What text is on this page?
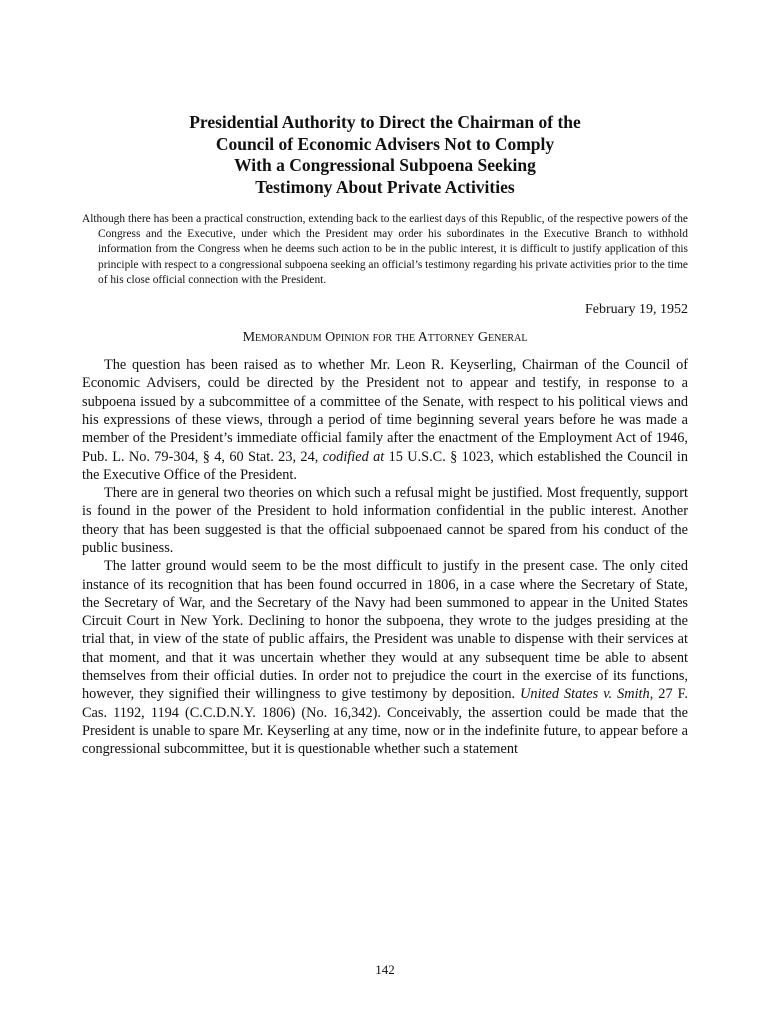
Presidential Authority to Direct the Chairman of the
Council of Economic Advisers Not to Comply
With a Congressional Subpoena Seeking
Testimony About Private Activities
Although there has been a practical construction, extending back to the earliest days of this Republic, of the respective powers of the Congress and the Executive, under which the President may order his subordinates in the Executive Branch to withhold information from the Congress when he deems such action to be in the public interest, it is difficult to justify application of this principle with respect to a congressional subpoena seeking an official’s testimony regarding his private activities prior to the time of his close official connection with the President.
February 19, 1952
Memorandum Opinion for the Attorney General

The question has been raised as to whether Mr. Leon R. Keyserling, Chairman of the Council of Economic Advisers, could be directed by the President not to appear and testify, in response to a subpoena issued by a subcommittee of a committee of the Senate, with respect to his political views and his expressions of these views, through a period of time beginning several years before he was made a member of the President’s immediate official family after the enactment of the Employment Act of 1946, Pub. L. No. 79-304, § 4, 60 Stat. 23, 24, codified at 15 U.S.C. § 1023, which established the Council in the Executive Office of the President.

There are in general two theories on which such a refusal might be justified. Most frequently, support is found in the power of the President to hold information confidential in the public interest. Another theory that has been suggested is that the official subpoenaed cannot be spared from his conduct of the public business.

The latter ground would seem to be the most difficult to justify in the present case. The only cited instance of its recognition that has been found occurred in 1806, in a case where the Secretary of State, the Secretary of War, and the Secretary of the Navy had been summoned to appear in the United States Circuit Court in New York. Declining to honor the subpoena, they wrote to the judges presiding at the trial that, in view of the state of public affairs, the President was unable to dispense with their services at that moment, and that it was uncertain whether they would at any subsequent time be able to absent themselves from their official duties. In order not to prejudice the court in the exercise of its functions, however, they signified their willingness to give testimony by deposition. United States v. Smith, 27 F. Cas. 1192, 1194 (C.C.D.N.Y. 1806) (No. 16,342). Conceivably, the assertion could be made that the President is unable to spare Mr. Keyserling at any time, now or in the indefinite future, to appear before a congressional subcommittee, but it is questionable whether such a statement

142
